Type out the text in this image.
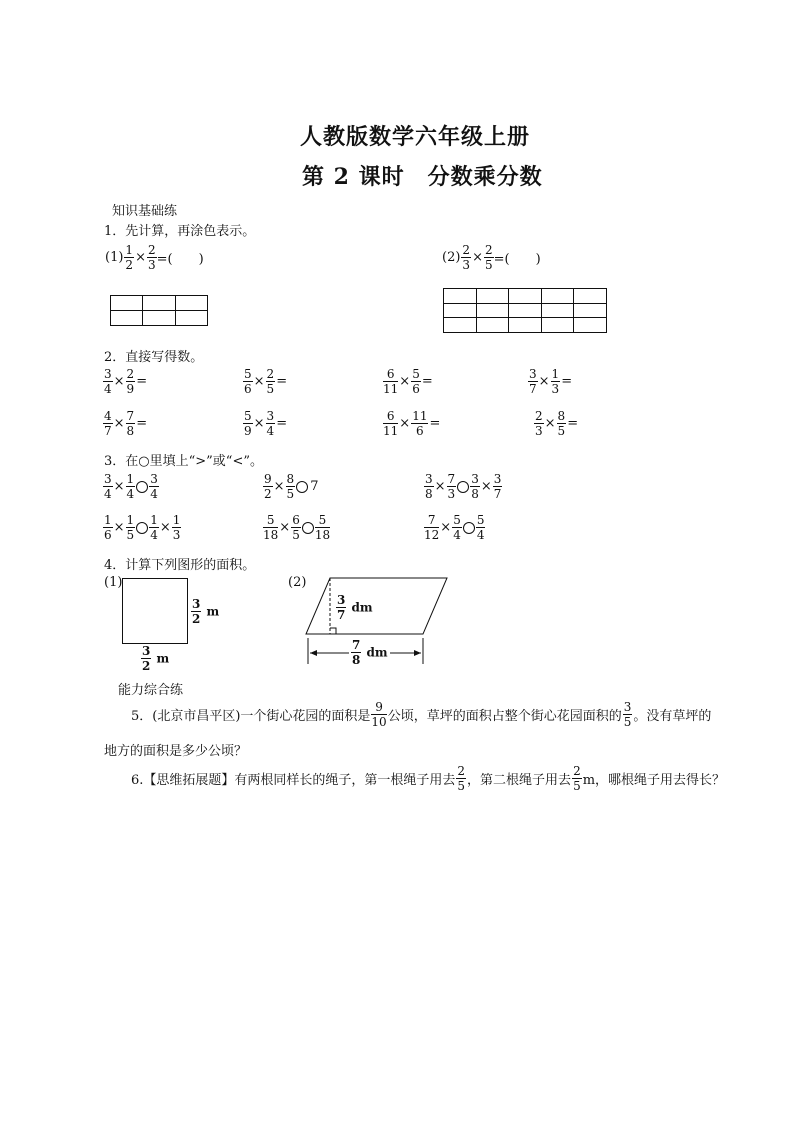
人教版数学六年级上册
第 2 课时　分数乘分数
知识基础练
1．先计算，再涂色表示。
$(1) \frac{1}{2} \times \frac{2}{3}$ =(　　)	$(2) \frac{2}{3} \times \frac{2}{5}$ =(　　)

2．直接写得数。
$\frac{3}{4} \times \frac{2}{9}$ =	$\frac{5}{6} \times \frac{2}{5}$ =	$\frac{6}{11} \times \frac{5}{6}$ =	$\frac{3}{7} \times \frac{1}{3}$ =
$\frac{4}{7} \times \frac{7}{8}$ =	$\frac{5}{9} \times \frac{3}{4}$ =	$\frac{6}{11} \times \frac{11}{6}$ =	$\frac{2}{3} \times \frac{8}{5}$ =
3．在○里填上“>”或“<”。
$\frac{3}{4} \times \frac{1}{4} \frac{3}{4}$	$\frac{9}{2} \times \frac{8}{5} 7$	$\frac{3}{8} \times \frac{7}{3} \frac{3}{8} \times \frac{3}{7}$
$\frac{1}{6} \times \frac{1}{5} \frac{1}{4} \times \frac{1}{3}$	$\frac{5}{18} \times \frac{6}{5} \frac{5}{18}$	$\frac{7}{12} \times \frac{5}{4} \frac{5}{4}$
4．计算下列图形的面积。
(1)
$\frac{3}{2}$ m
$\frac{3}{2}$ m
(2)
$\frac{3}{7}$ dm
$\frac{7}{8}$ dm
能力综合练
5．(北京市昌平区)一个街心花园的面积是 $\frac{9}{10}$ 公顷，草坪的面积占整个街心花园面积的 $\frac{3}{5}$ 。没有草坪的
地方的面积是多少公顷？
6.【思维拓展题】有两根同样长的绳子，第一根绳子用去 $\frac{2}{5}$ ，第二根绳子用去 $\frac{2}{5}$ m，哪根绳子用去得长？
